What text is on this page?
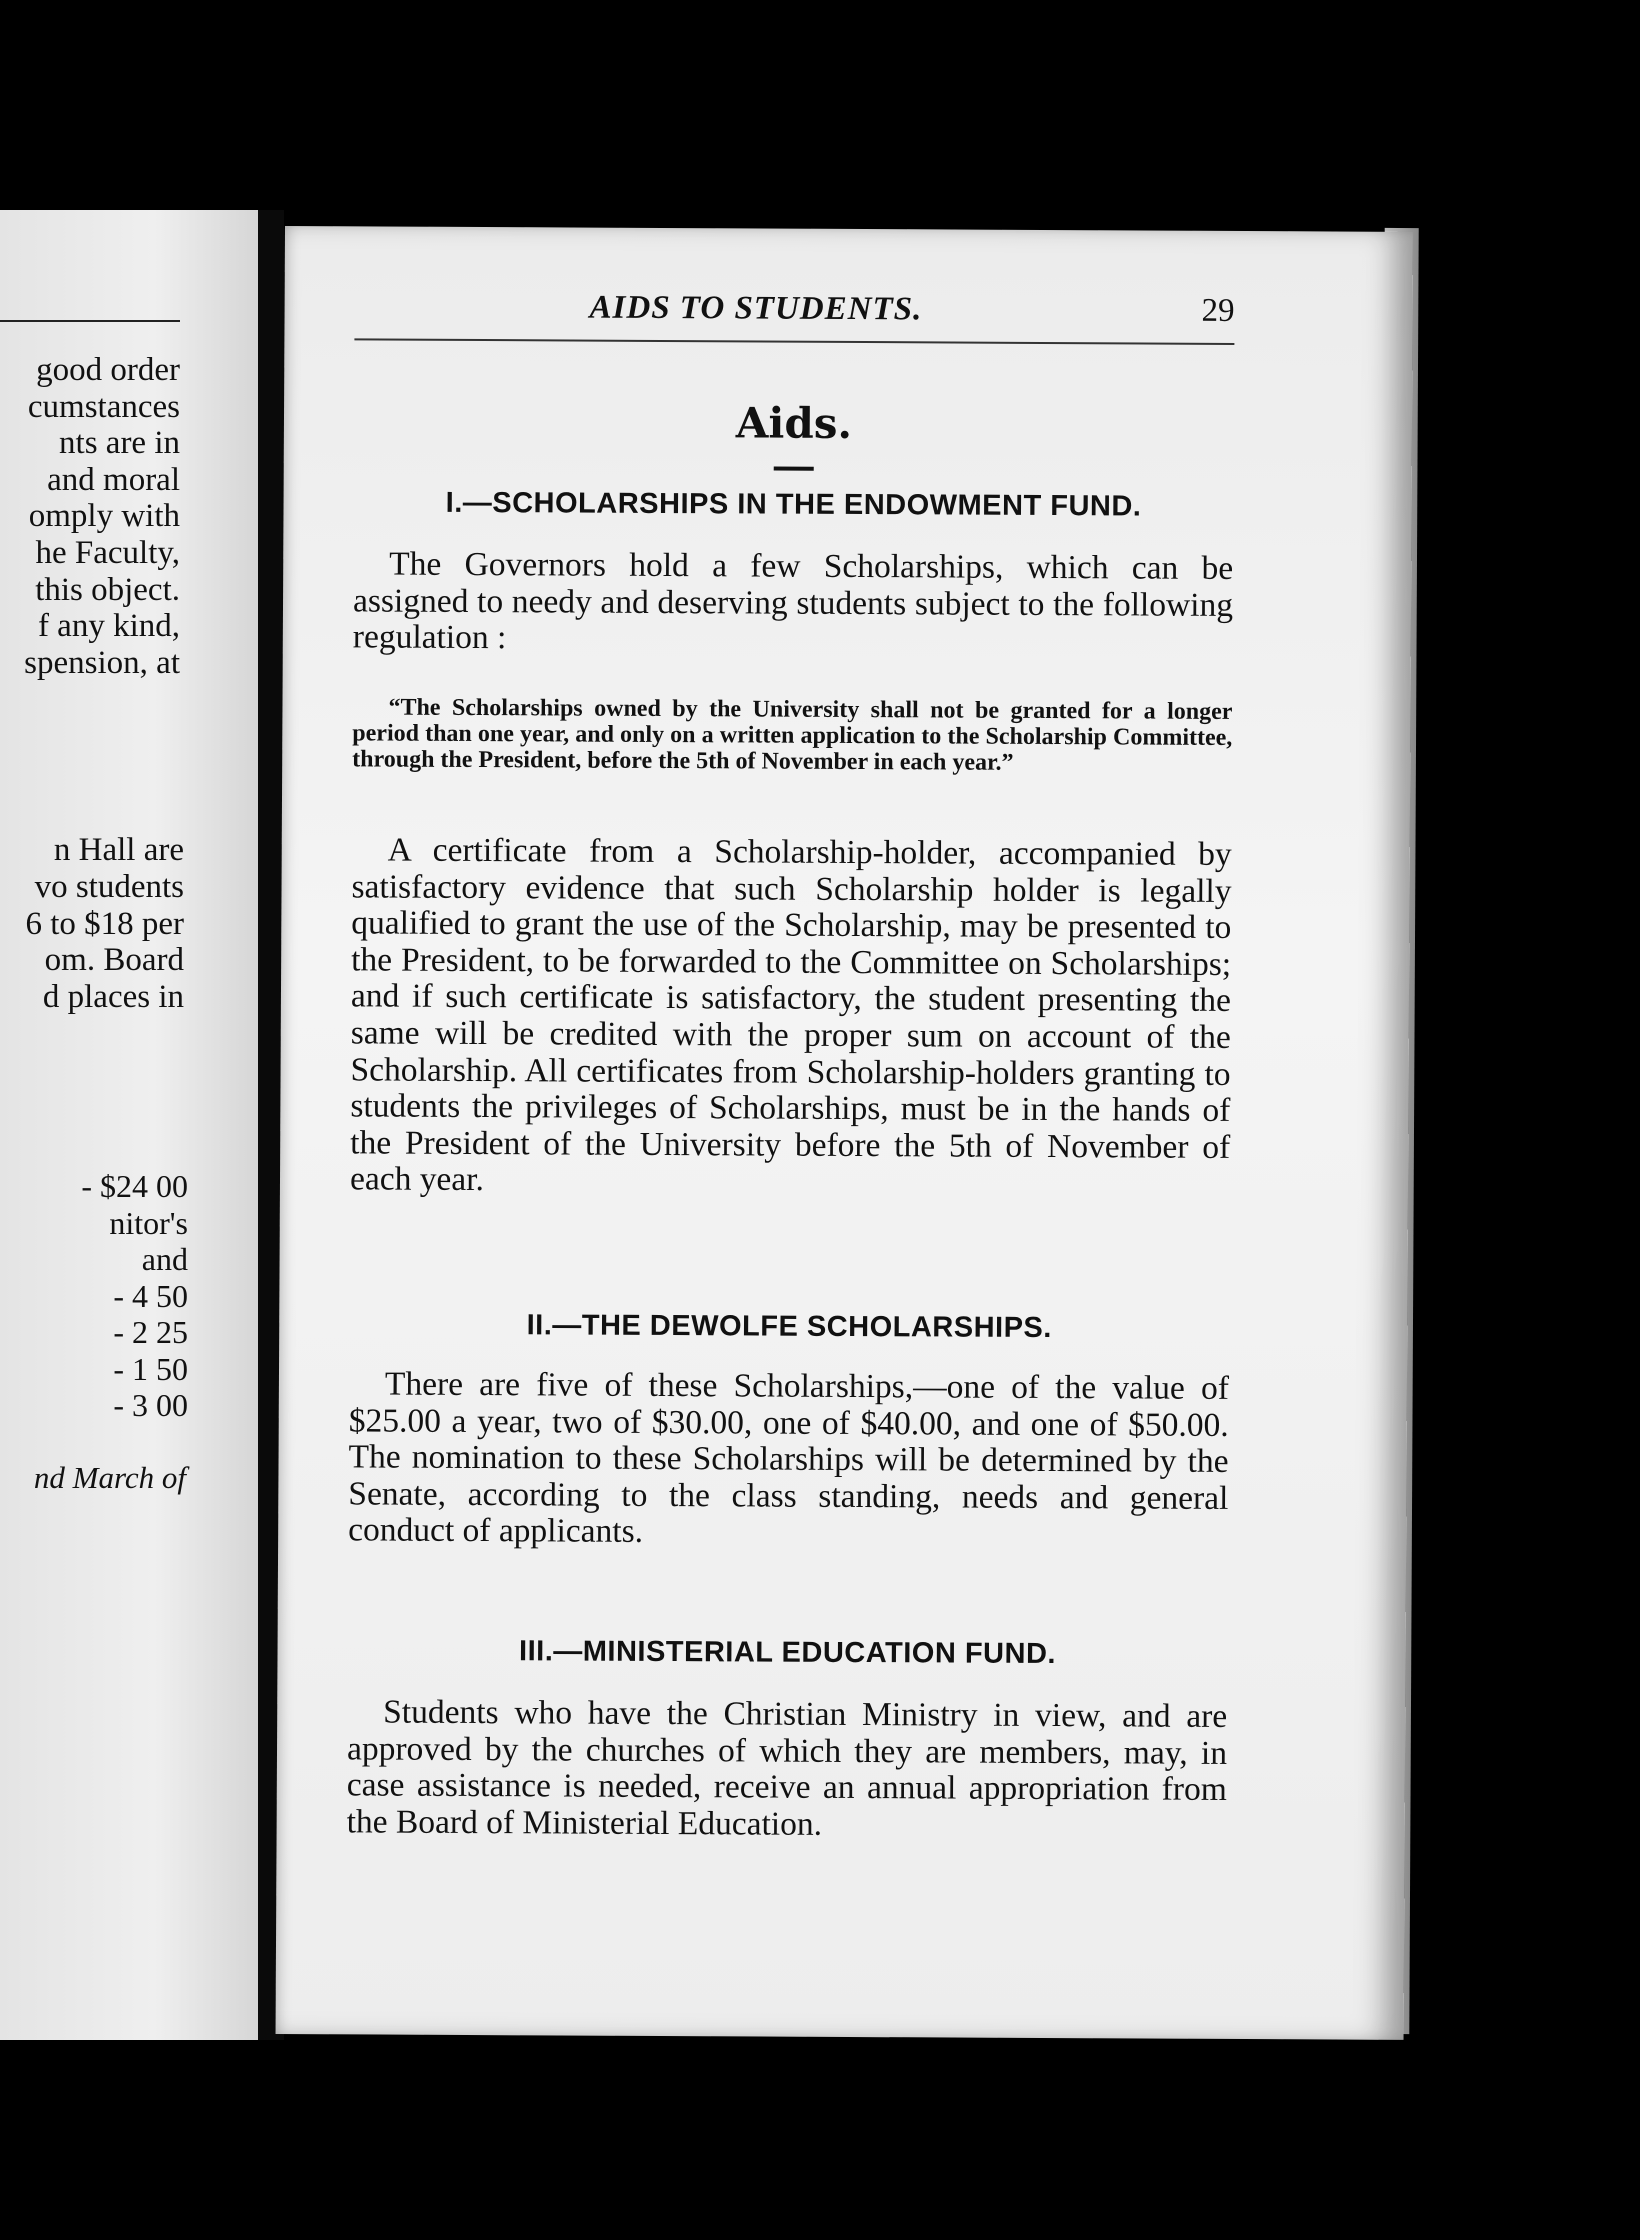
good order
cumstances
nts are in
and moral
omply with
he Faculty,
this object.
f any kind,
spension, at
n Hall are
vo students
6 to $18 per
om. Board
d places in
- $24 00
nitor's
and
- 4 50
- 2 25
- 1 50
- 3 00
nd March of
AIDS TO STUDENTS.	29
Aids.
I.—SCHOLARSHIPS IN THE ENDOWMENT FUND.
The Governors hold a few Scholarships, which can be assigned to needy and deserving students subject to the following regulation :
“The Scholarships owned by the University shall not be granted for a longer period than one year, and only on a written application to the Scholarship Committee, through the President, before the 5th of November in each year.”
A certificate from a Scholarship-holder, accompanied by satisfactory evidence that such Scholarship holder is legally qualified to grant the use of the Scholarship, may be presented to the President, to be forwarded to the Committee on Scholarships; and if such certificate is satisfactory, the student presenting the same will be credited with the proper sum on account of the Scholarship. All certificates from Scholarship-holders granting to students the privileges of Scholarships, must be in the hands of the President of the University before the 5th of November of each year.
II.—THE DEWOLFE SCHOLARSHIPS.
There are five of these Scholarships,—one of the value of $25.00 a year, two of $30.00, one of $40.00, and one of $50.00. The nomination to these Scholarships will be determined by the Senate, according to the class standing, needs and general conduct of applicants.
III.—MINISTERIAL EDUCATION FUND.
Students who have the Christian Ministry in view, and are approved by the churches of which they are members, may, in case assistance is needed, receive an annual appropriation from the Board of Ministerial Education.
